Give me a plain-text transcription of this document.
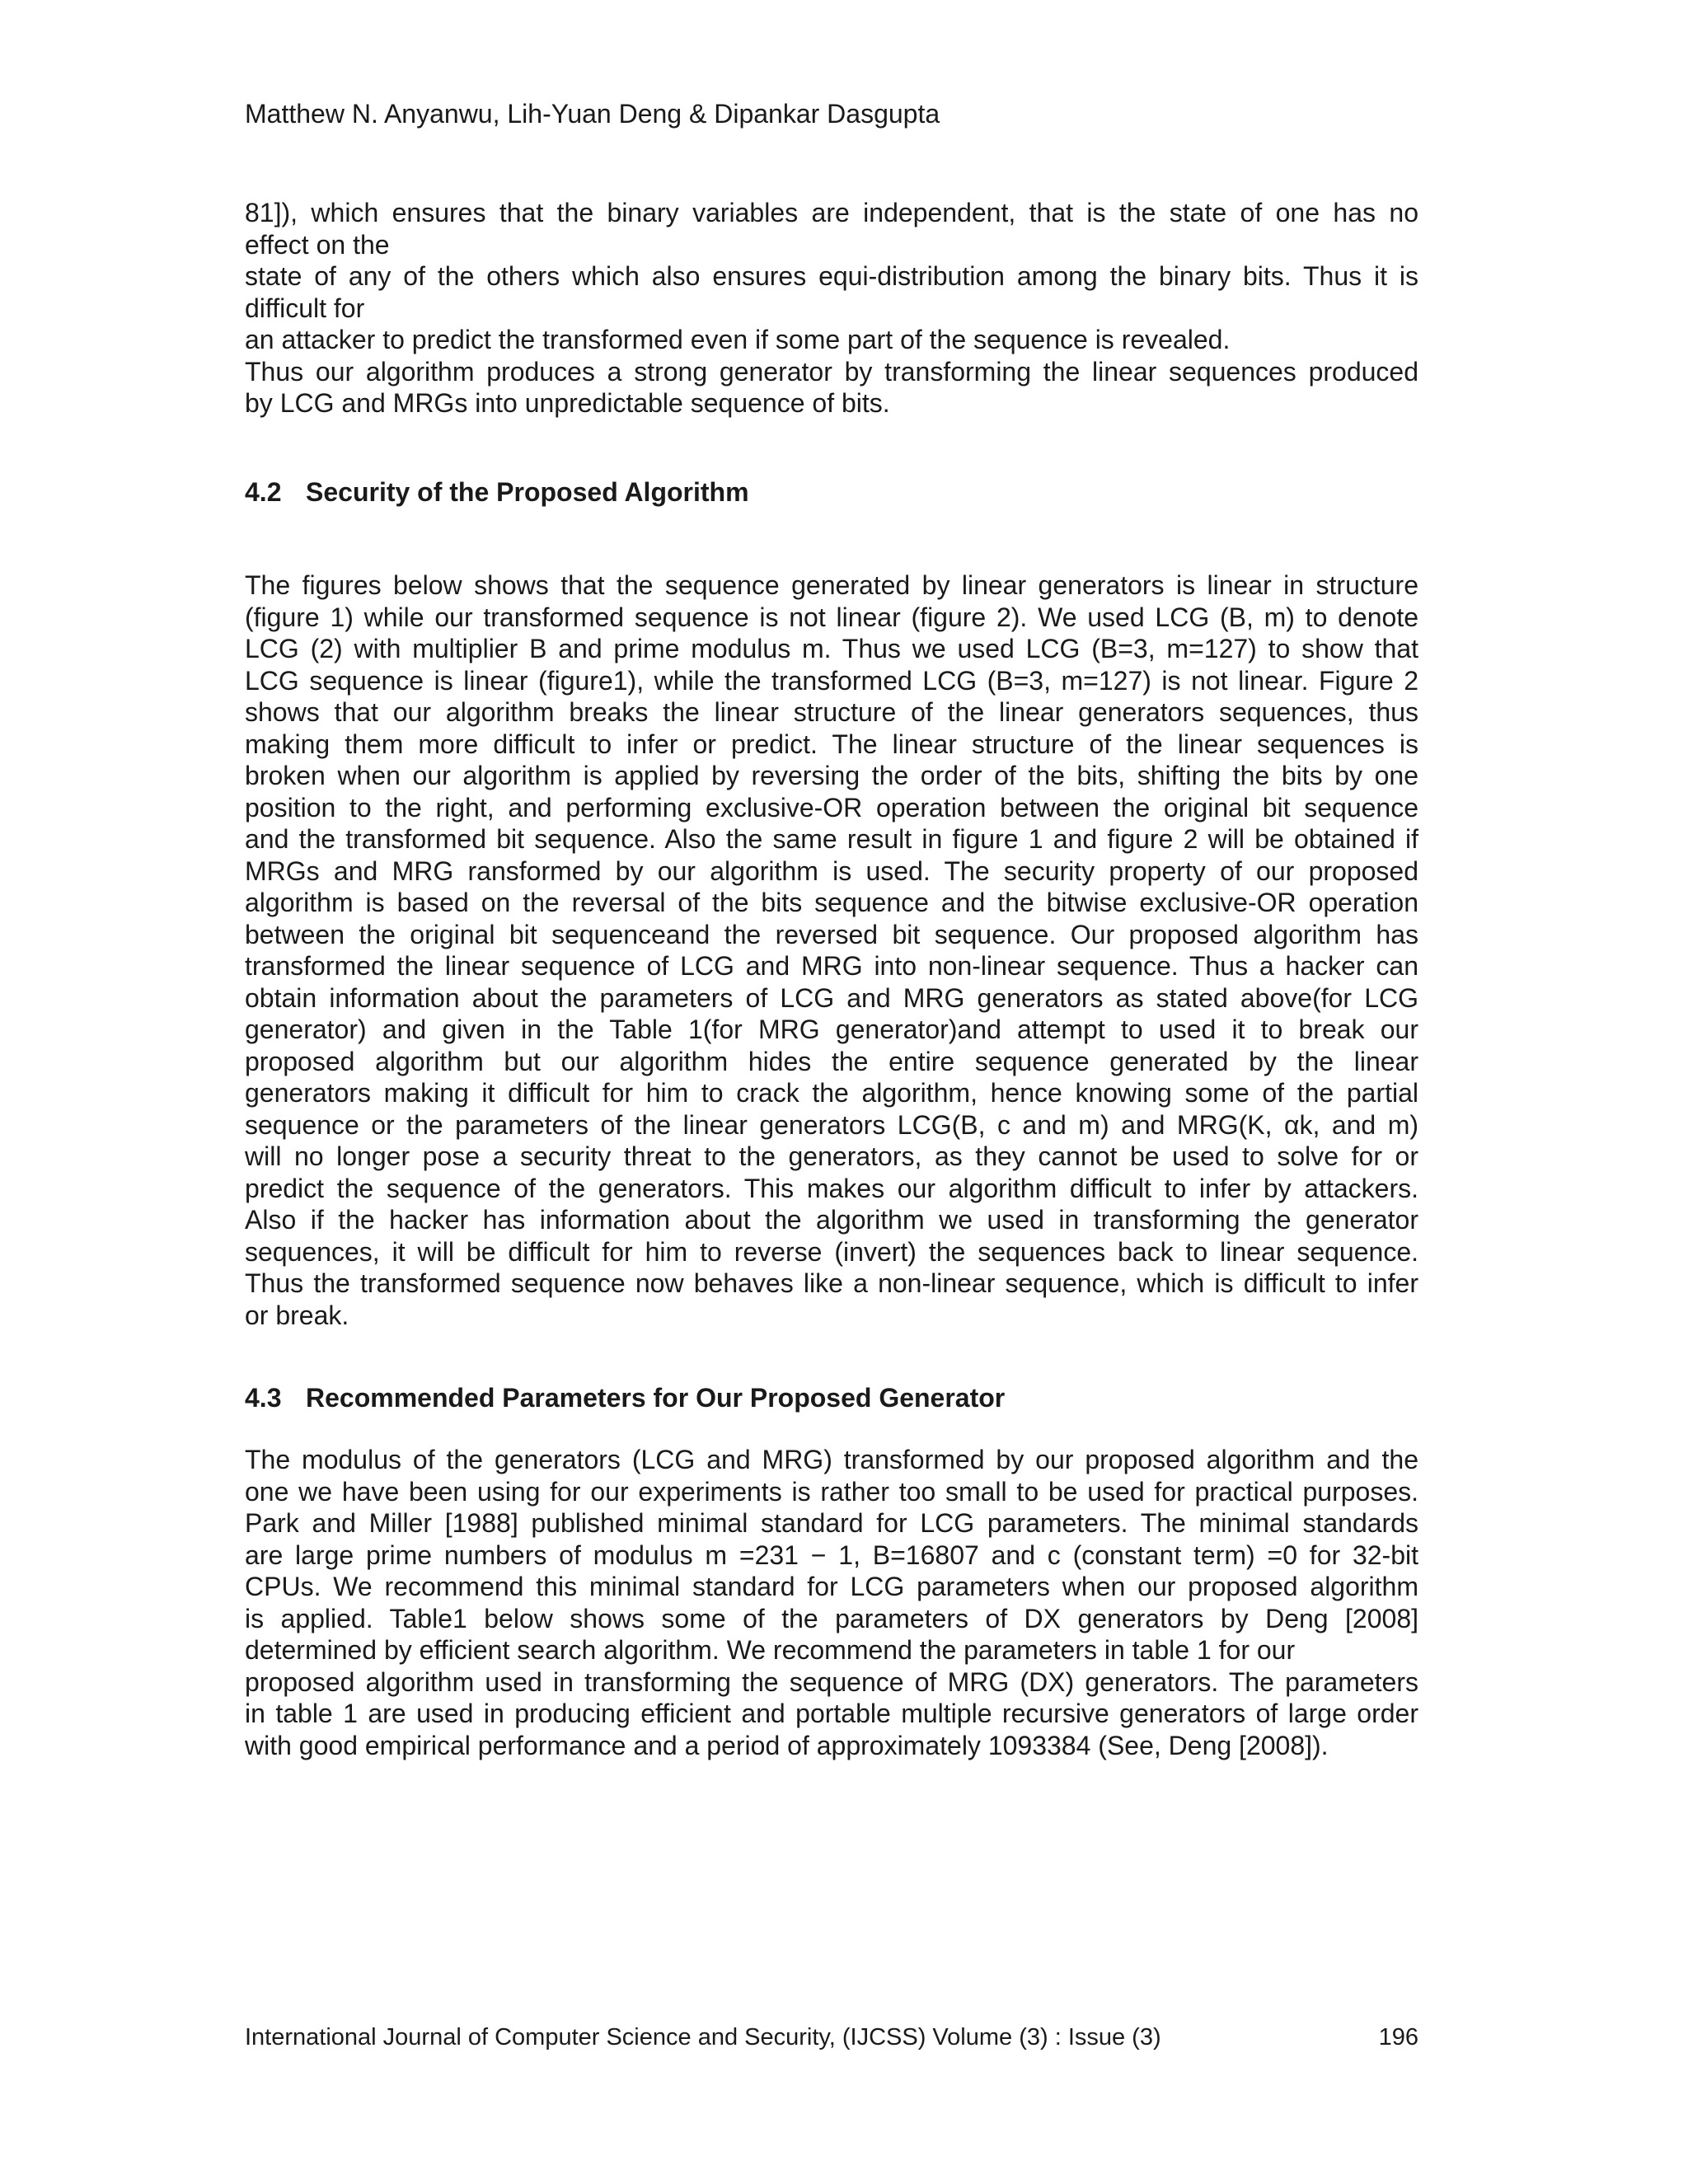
Matthew N. Anyanwu, Lih-Yuan Deng & Dipankar Dasgupta
81]), which ensures that the binary variables are independent, that is the state of one has no
effect on the
state of any of the others which also ensures equi-distribution among the binary bits. Thus it is
difficult for
an attacker to predict the transformed even if some part of the sequence is revealed.
Thus our algorithm produces a strong generator by transforming the linear sequences produced
by LCG and MRGs into unpredictable sequence of bits.
4.2 Security of the Proposed Algorithm
The figures below shows that the sequence generated by linear generators is linear in structure
(figure 1) while our transformed sequence is not linear (figure 2). We used LCG (B, m) to denote
LCG (2) with multiplier B and prime modulus m. Thus we used LCG (B=3, m=127) to show that
LCG sequence is linear (figure1), while the transformed LCG (B=3, m=127) is not linear. Figure 2
shows that our algorithm breaks the linear structure of the linear generators sequences, thus
making them more difficult to infer or predict. The linear structure of the linear sequences is
broken when our algorithm is applied by reversing the order of the bits, shifting the bits by one
position to the right, and performing exclusive-OR operation between the original bit sequence
and the transformed bit sequence. Also the same result in figure 1 and figure 2 will be obtained if
MRGs and MRG ransformed by our algorithm is used. The security property of our proposed
algorithm is based on the reversal of the bits sequence and the bitwise exclusive-OR operation
between the original bit sequenceand the reversed bit sequence. Our proposed algorithm has
transformed the linear sequence of LCG and MRG into non-linear sequence. Thus a hacker can
obtain information about the parameters of LCG and MRG generators as stated above(for LCG
generator) and given in the Table 1(for MRG generator)and attempt to used it to break our
proposed algorithm but our algorithm hides the entire sequence generated by the linear
generators making it difficult for him to crack the algorithm, hence knowing some of the partial
sequence or the parameters of the linear generators LCG(B, c and m) and MRG(K, αk, and m)
will no longer pose a security threat to the generators, as they cannot be used to solve for or
predict the sequence of the generators. This makes our algorithm difficult to infer by attackers.
Also if the hacker has information about the algorithm we used in transforming the generator
sequences, it will be difficult for him to reverse (invert) the sequences back to linear sequence.
Thus the transformed sequence now behaves like a non-linear sequence, which is difficult to infer
or break.
4.3 Recommended Parameters for Our Proposed Generator
The modulus of the generators (LCG and MRG) transformed by our proposed algorithm and the
one we have been using for our experiments is rather too small to be used for practical purposes.
Park and Miller [1988] published minimal standard for LCG parameters. The minimal standards
are large prime numbers of modulus m =231 − 1, B=16807 and c (constant term) =0 for 32-bit
CPUs. We recommend this minimal standard for LCG parameters when our proposed algorithm
is applied. Table1 below shows some of the parameters of DX generators by Deng [2008]
determined by efficient search algorithm. We recommend the parameters in table 1 for our
proposed algorithm used in transforming the sequence of MRG (DX) generators. The parameters
in table 1 are used in producing efficient and portable multiple recursive generators of large order
with good empirical performance and a period of approximately 1093384 (See, Deng [2008]).
International Journal of Computer Science and Security, (IJCSS) Volume (3) : Issue (3)	196
